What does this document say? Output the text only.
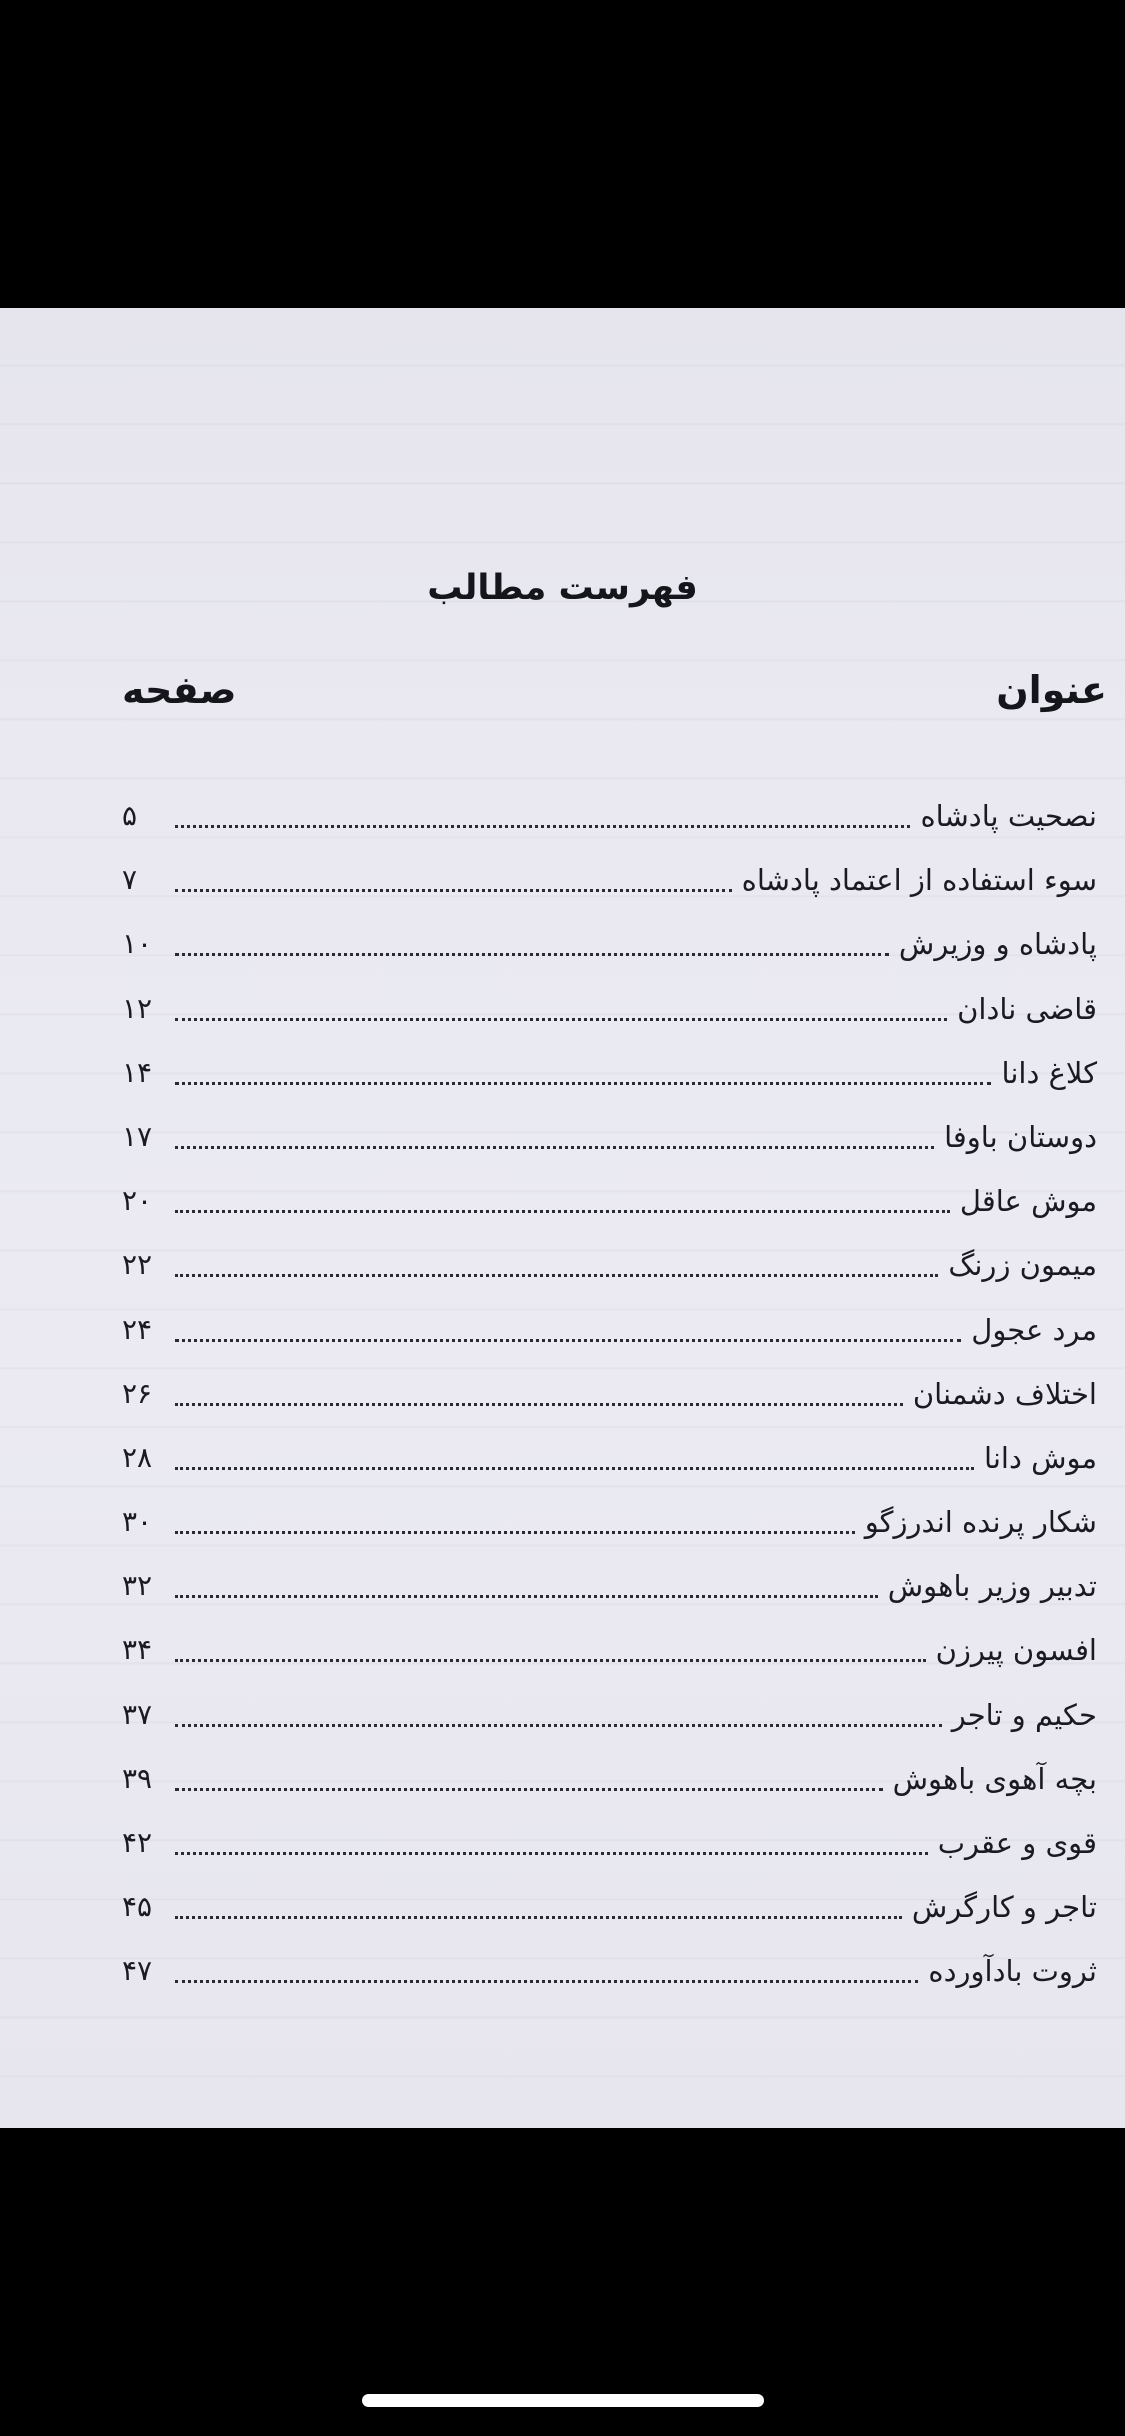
فهرست مطالب
عنوان
صفحه
نصحیت پادشاه
۵
سوء استفاده از اعتماد پادشاه
۷
پادشاه و وزیرش
۱۰
قاضی نادان
۱۲
کلاغ دانا
۱۴
دوستان باوفا
۱۷
موش عاقل
۲۰
میمون زرنگ
۲۲
مرد عجول
۲۴
اختلاف دشمنان
۲۶
موش دانا
۲۸
شکار پرنده اندرزگو
۳۰
تدبیر وزیر باهوش
۳۲
افسون پیرزن
۳۴
حکیم و تاجر
۳۷
بچه آهوی باهوش
۳۹
قوی و عقرب
۴۲
تاجر و کارگرش
۴۵
ثروت بادآورده
۴۷
